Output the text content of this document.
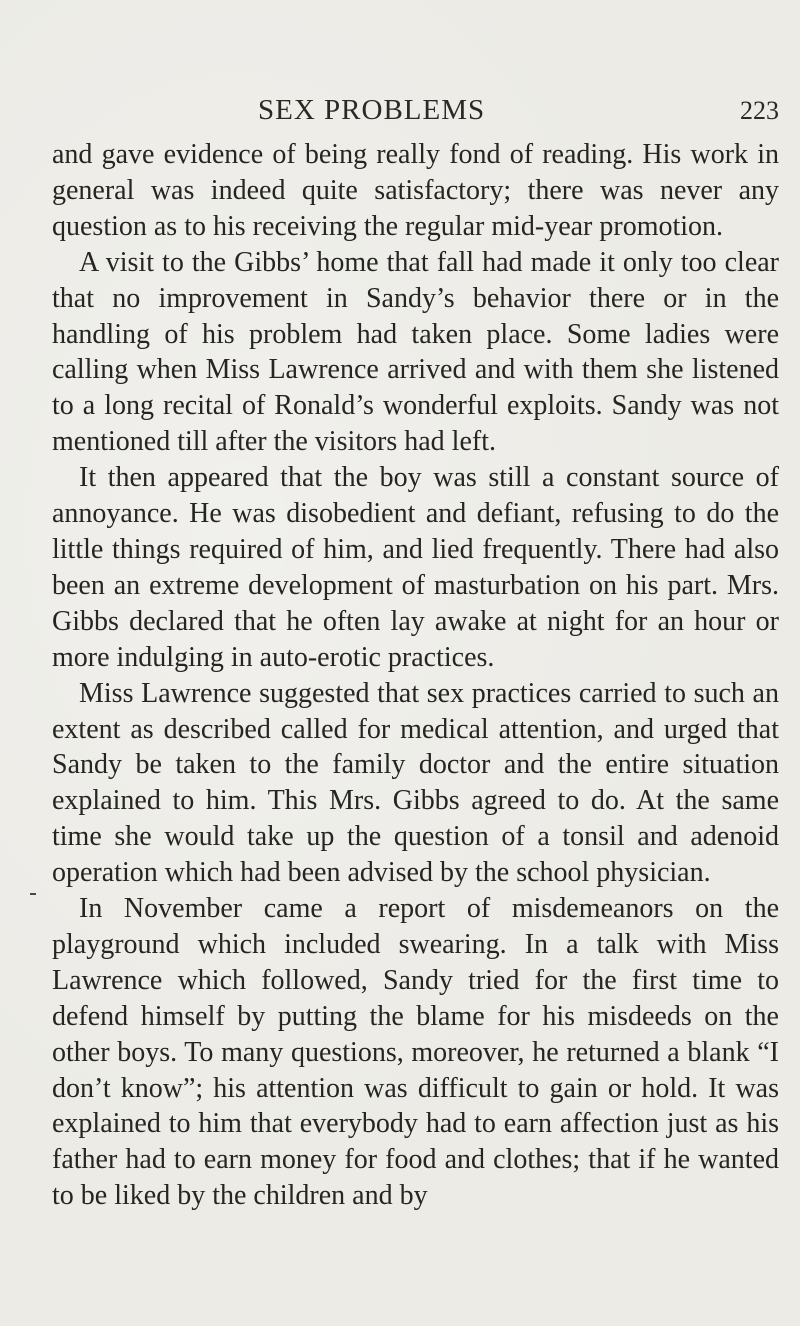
SEX PROBLEMS	223

and gave evidence of being really fond of reading. His work in general was indeed quite satisfactory; there was never any question as to his receiving the regular mid-year promotion.

A visit to the Gibbs’ home that fall had made it only too clear that no improvement in Sandy’s behavior there or in the handling of his problem had taken place. Some ladies were calling when Miss Lawrence arrived and with them she listened to a long recital of Ronald’s wonderful exploits. Sandy was not mentioned till after the visitors had left.

It then appeared that the boy was still a constant source of annoyance. He was disobedient and defiant, refusing to do the little things required of him, and lied frequently. There had also been an extreme development of masturbation on his part. Mrs. Gibbs declared that he often lay awake at night for an hour or more indulging in auto-erotic practices.

Miss Lawrence suggested that sex practices carried to such an extent as described called for medical attention, and urged that Sandy be taken to the family doctor and the entire situation explained to him. This Mrs. Gibbs agreed to do. At the same time she would take up the question of a tonsil and adenoid operation which had been advised by the school physician.

In November came a report of misdemeanors on the playground which included swearing. In a talk with Miss Lawrence which followed, Sandy tried for the first time to defend himself by putting the blame for his misdeeds on the other boys. To many questions, moreover, he returned a blank “I don’t know”; his attention was difficult to gain or hold. It was explained to him that everybody had to earn affection just as his father had to earn money for food and clothes; that if he wanted to be liked by the children and by
